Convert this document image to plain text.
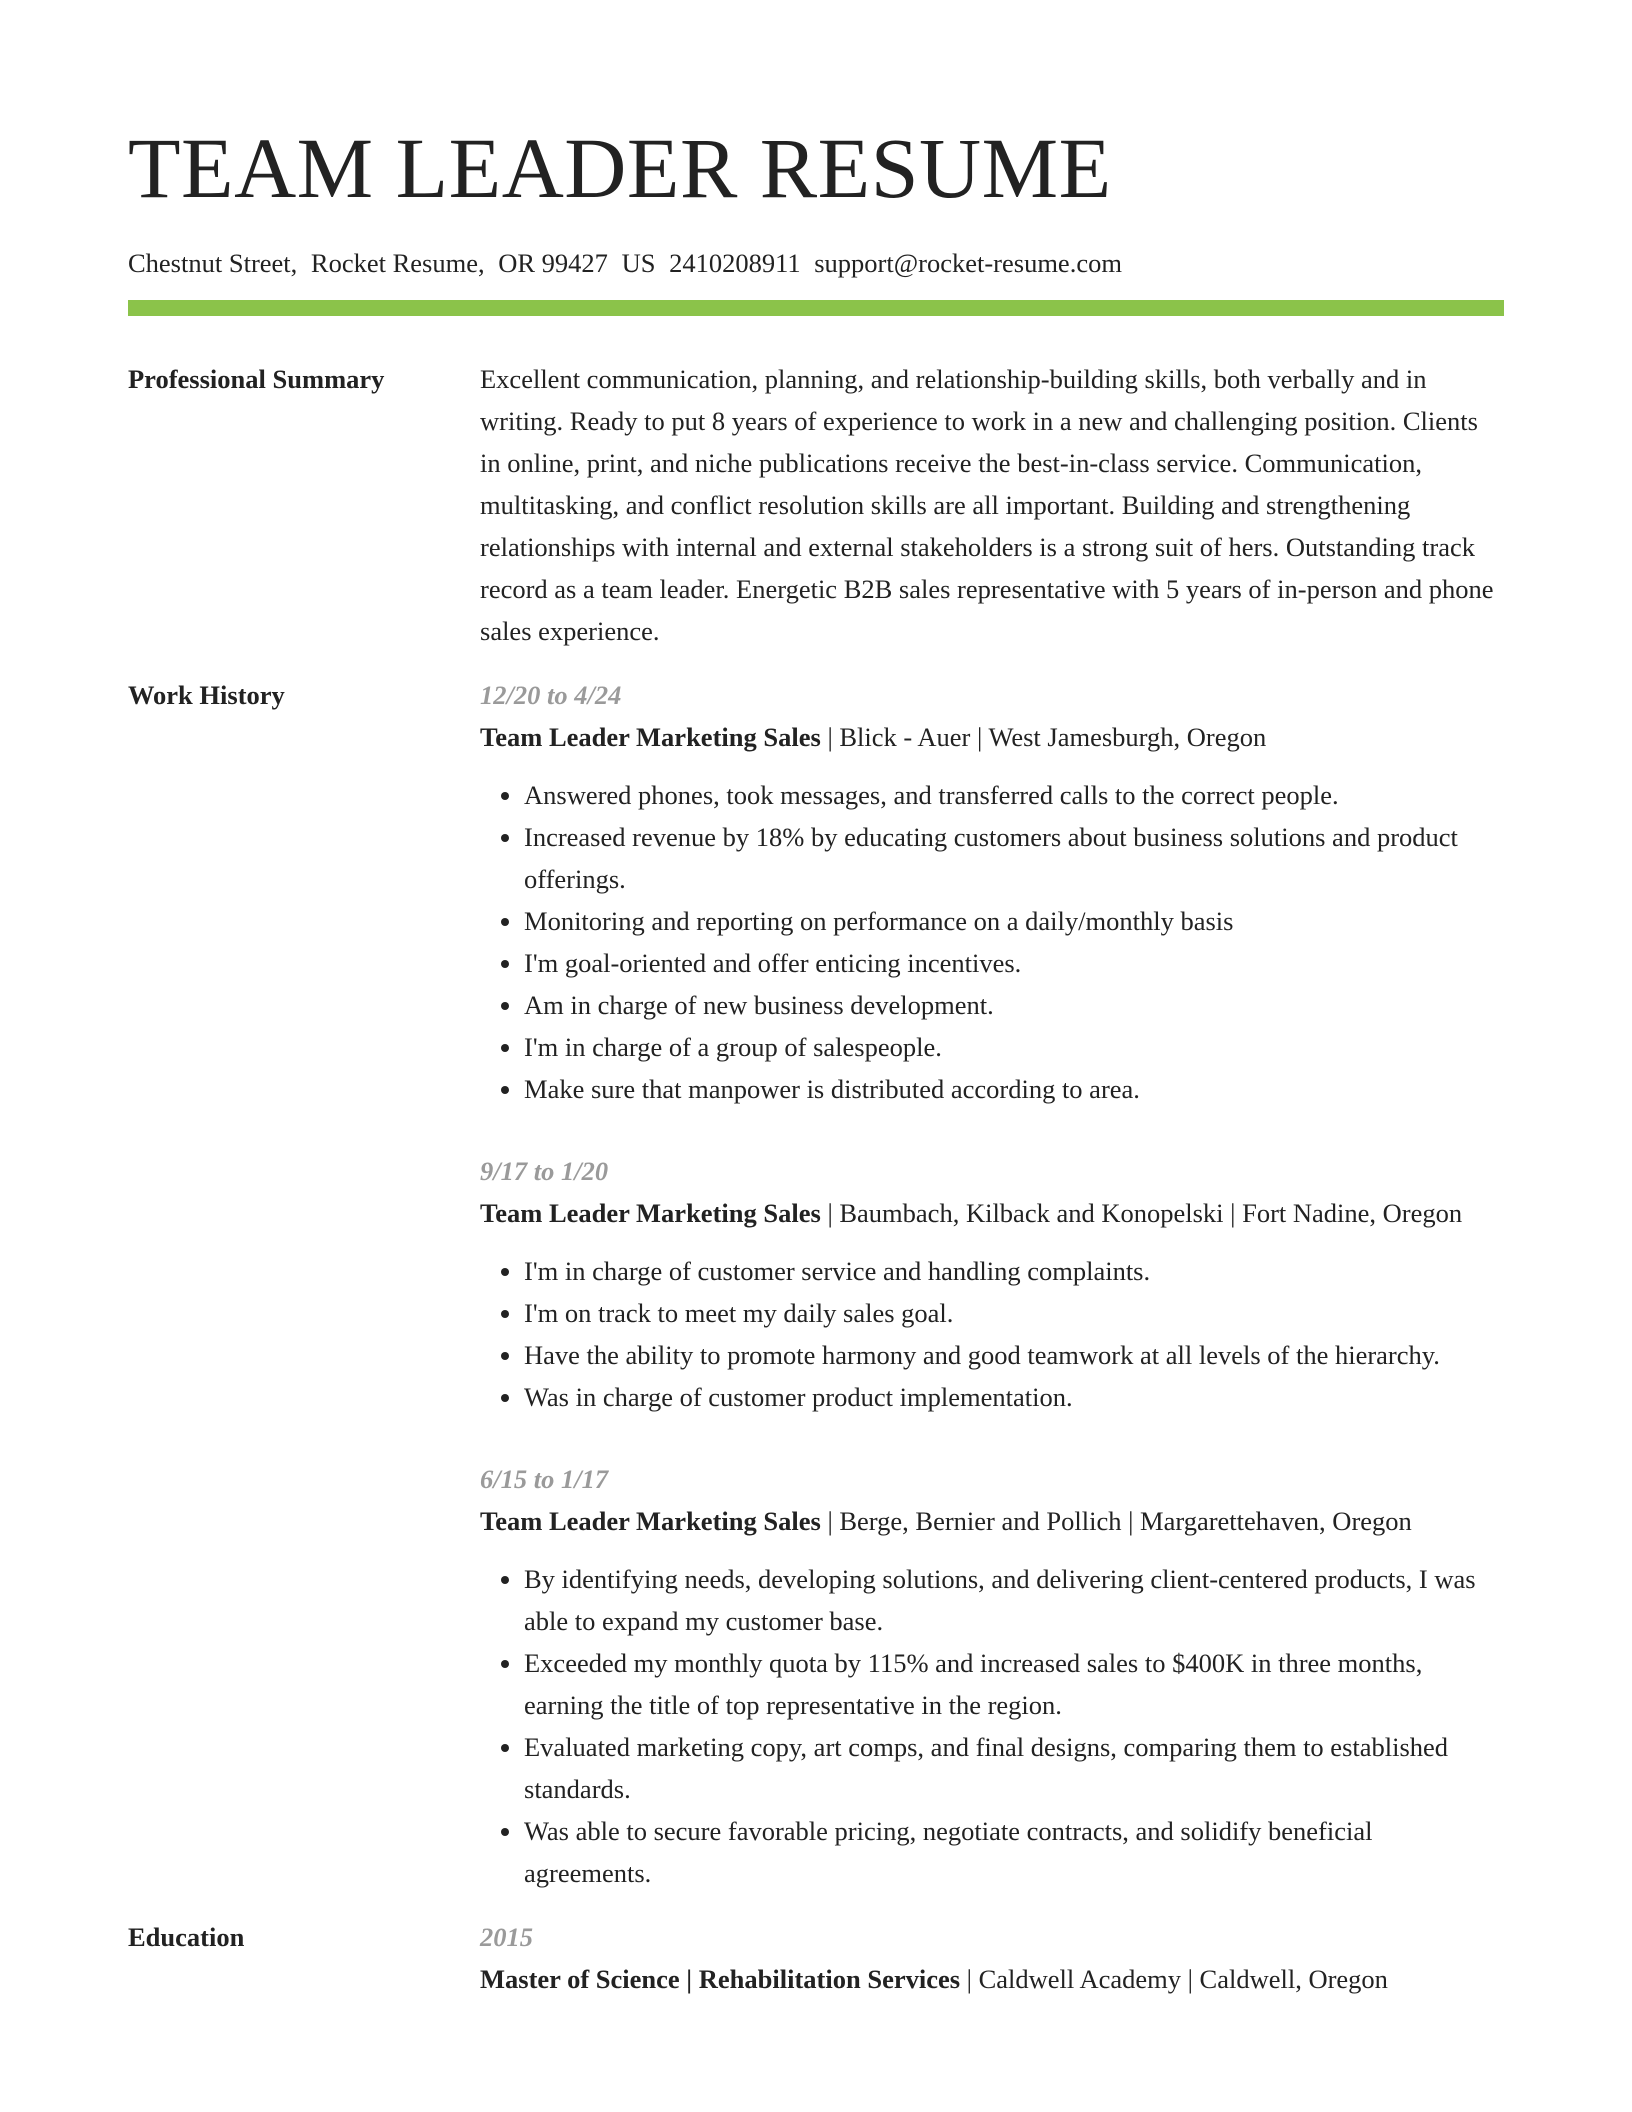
TEAM LEADER RESUME
Chestnut Street, Rocket Resume, OR 99427 US 2410208911 support@rocket-resume.com
Professional Summary	Excellent communication, planning, and relationship-building skills, both verbally and in writing. Ready to put 8 years of experience to work in a new and challenging position. Clients in online, print, and niche publications receive the best-in-class service. Communication, multitasking, and conflict resolution skills are all important. Building and strengthening relationships with internal and external stakeholders is a strong suit of hers. Outstanding track record as a team leader. Energetic B2B sales representative with 5 years of in-person and phone sales experience.

Work History	12/20 to 4/24
Team Leader Marketing Sales | Blick - Auer | West Jamesburgh, Oregon
• Answered phones, took messages, and transferred calls to the correct people.
• Increased revenue by 18% by educating customers about business solutions and product offerings.
• Monitoring and reporting on performance on a daily/monthly basis
• I'm goal-oriented and offer enticing incentives.
• Am in charge of new business development.
• I'm in charge of a group of salespeople.
• Make sure that manpower is distributed according to area.
9/17 to 1/20
Team Leader Marketing Sales | Baumbach, Kilback and Konopelski | Fort Nadine, Oregon
• I'm in charge of customer service and handling complaints.
• I'm on track to meet my daily sales goal.
• Have the ability to promote harmony and good teamwork at all levels of the hierarchy.
• Was in charge of customer product implementation.
6/15 to 1/17
Team Leader Marketing Sales | Berge, Bernier and Pollich | Margarettehaven, Oregon
• By identifying needs, developing solutions, and delivering client-centered products, I was able to expand my customer base.
• Exceeded my monthly quota by 115% and increased sales to $400K in three months, earning the title of top representative in the region.
• Evaluated marketing copy, art comps, and final designs, comparing them to established standards.
• Was able to secure favorable pricing, negotiate contracts, and solidify beneficial agreements.
Education	2015
Master of Science | Rehabilitation Services | Caldwell Academy | Caldwell, Oregon
